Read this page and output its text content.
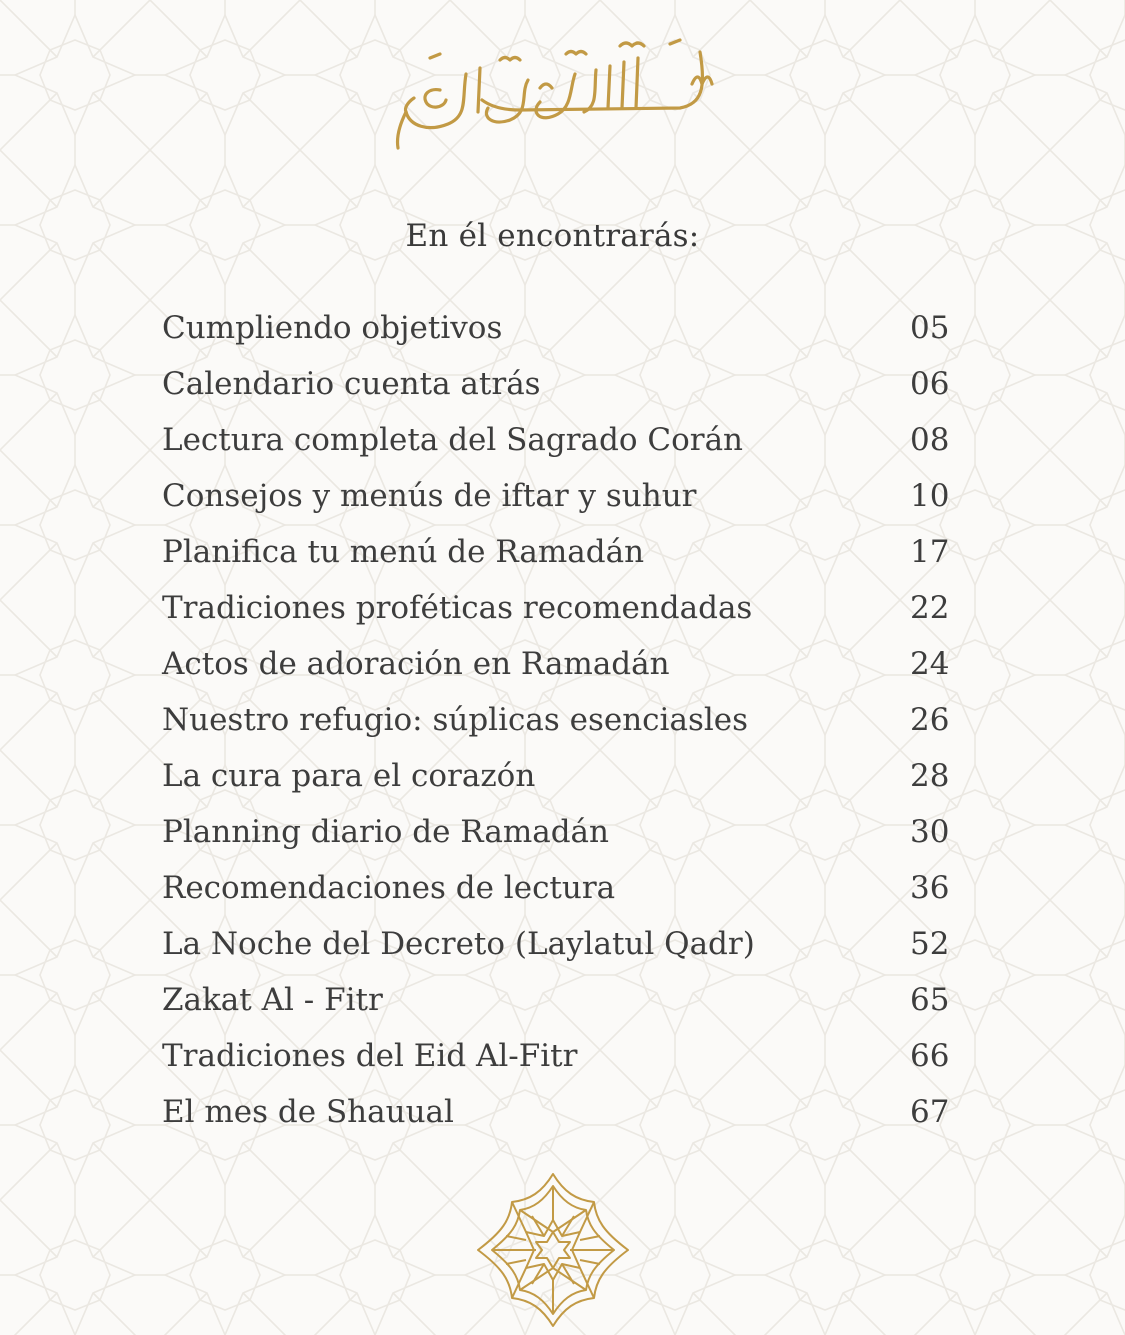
En él encontrarás:
Cumpliendo objetivos	05
Calendario cuenta atrás	06
Lectura completa del Sagrado Corán	08
Consejos y menús de iftar y suhur	10
Planifica tu menú de Ramadán	17
Tradiciones proféticas recomendadas	22
Actos de adoración en Ramadán	24
Nuestro refugio: súplicas esenciasles	26
La cura para el corazón	28
Planning diario de Ramadán	30
Recomendaciones de lectura	36
La Noche del Decreto (Laylatul Qadr)	52
Zakat Al - Fitr	65
Tradiciones del Eid Al-Fitr	66
El mes de Shauual	67
